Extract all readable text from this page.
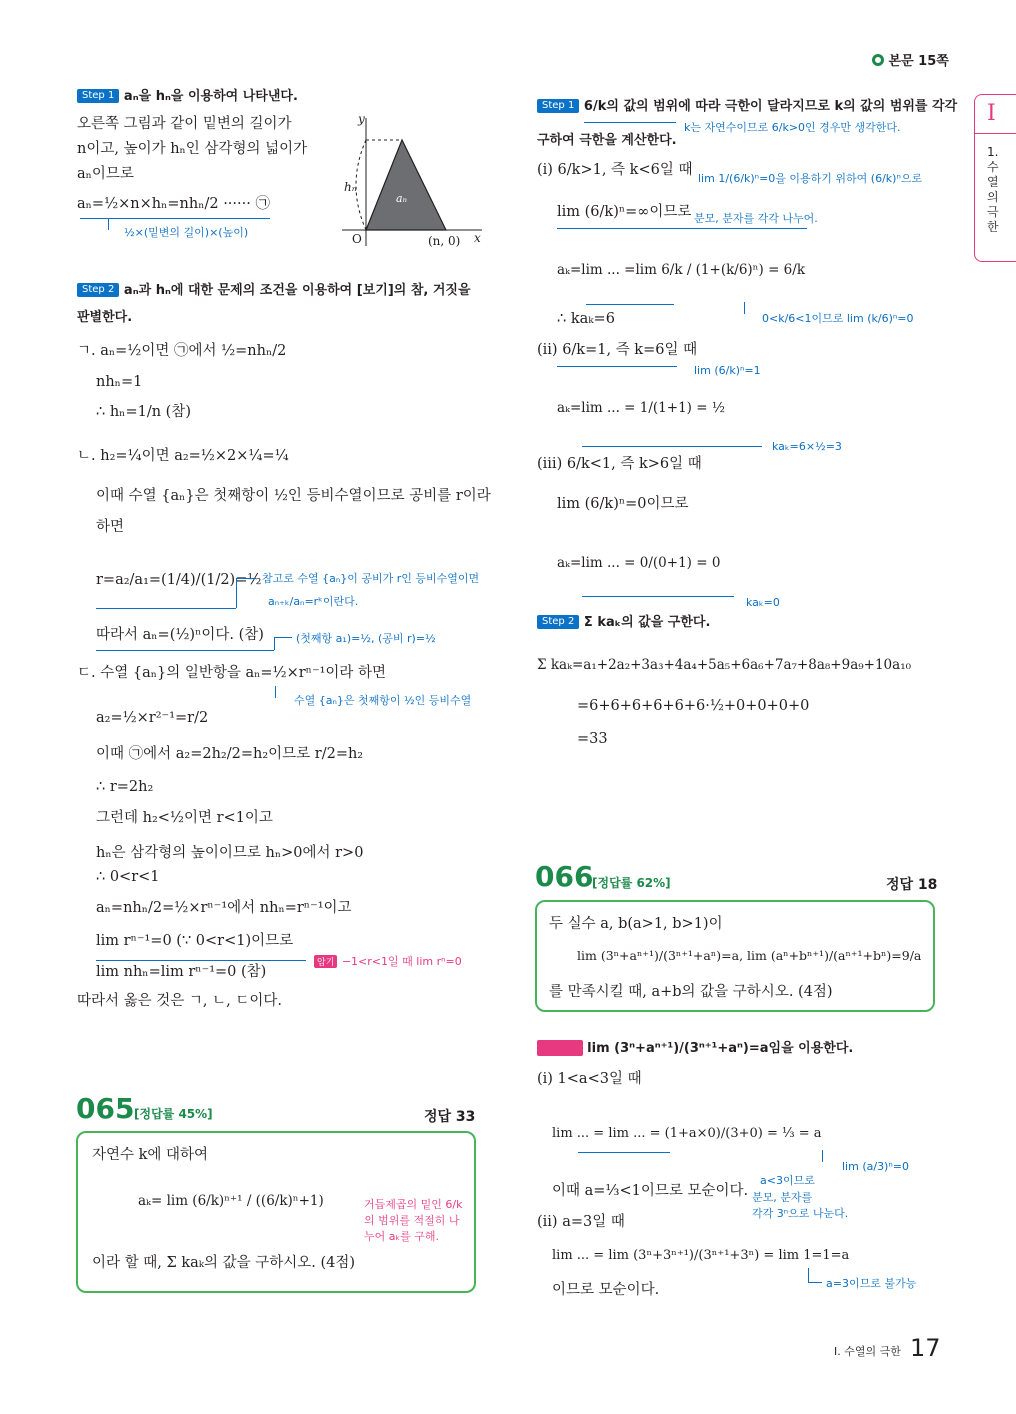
본문 15쪽
I
1. 수열의 극한
Step 1 aₙ을 hₙ을 이용하여 나타낸다.
오른쪽 그림과 같이 밑변의 길이가
n이고, 높이가 hₙ인 삼각형의 넓이가
aₙ이므로
aₙ=½×n×hₙ=nhₙ/2 ······ ㉠
½×(밑변의 길이)×(높이)
y
x
hₙ
aₙ
O	(n, 0)
Step 2 aₙ과 hₙ에 대한 문제의 조건을 이용하여 [보기]의 참, 거짓을
판별한다.
ㄱ. aₙ=½이면 ㉠에서 ½=nhₙ/2
nhₙ=1
∴ hₙ=1/n (참)
ㄴ. h₂=¼이면 a₂=½×2×¼=¼
이때 수열 {aₙ}은 첫째항이 ½인 등비수열이므로 공비를 r이라
하면
r=a₂/a₁=(1/4)/(1/2)=½ 참고로 수열 {aₙ}이 공비가 r인 등비수열이면
aₙ₊ₖ/aₙ=rᵏ이란다.
따라서 aₙ=(½)ⁿ이다. (참)	(첫째항 a₁)=½, (공비 r)=½
ㄷ. 수열 {aₙ}의 일반항을 aₙ=½×rⁿ⁻¹이라 하면
수열 {aₙ}은 첫째항이 ½인 등비수열
a₂=½×r²⁻¹=r/2
이때 ㉠에서 a₂=2h₂/2=h₂이므로 r/2=h₂
∴ r=2h₂
그런데 h₂<½이면 r<1이고
hₙ은 삼각형의 높이이므로 hₙ>0에서 r>0
∴ 0<r<1
aₙ=nhₙ/2=½×rⁿ⁻¹에서 nhₙ=rⁿ⁻¹이고
lim rⁿ⁻¹=0 (∵ 0<r<1)이므로
lim nhₙ=lim rⁿ⁻¹=0 (참)
암기 −1<r<1일 때 lim rⁿ=0
따라서 옳은 것은 ㄱ, ㄴ, ㄷ이다.
065 [정답률 45%]	정답 33
자연수 k에 대하여
aₖ= lim (6/k)ⁿ⁺¹ / ((6/k)ⁿ+1)
이라 할 때, Σ kaₖ의 값을 구하시오. (4점)
거듭제곱의 밑인 6/k의 범위를 적절히 나누어 aₖ를 구해.
Step 1 6/k의 값의 범위에 따라 극한이 달라지므로 k의 값의 범위를 각각
구하여 극한을 계산한다.
k는 자연수이므로 6/k>0인 경우만 생각한다.
(ⅰ) 6/k>1, 즉 k<6일 때
lim 1/(6/k)ⁿ=0을 이용하기 위하여 (6/k)ⁿ으로
lim (6/k)ⁿ=∞이므로 분모, 분자를 각각 나누어.
aₖ=lim ... =lim 6/k / (1+(k/6)ⁿ) = 6/k
0<k/6<1이므로 lim (k/6)ⁿ=0
∴ kaₖ=6
(ⅱ) 6/k=1, 즉 k=6일 때
lim (6/k)ⁿ=1
aₖ=lim ... = 1/(1+1) = ½
kaₖ=6×½=3
(ⅲ) 6/k<1, 즉 k>6일 때
lim (6/k)ⁿ=0이므로
aₖ=lim ... = 0/(0+1) = 0
kaₖ=0
Step 2 Σ kaₖ의 값을 구한다.
Σ kaₖ=a₁+2a₂+3a₃+4a₄+5a₅+6a₆+7a₇+8a₈+9a₉+10a₁₀
=6+6+6+6+6+6·½+0+0+0+0
=33
066
[정답률 62%]	정답 18
두 실수 a, b(a>1, b>1)이
lim (3ⁿ+aⁿ⁺¹)/(3ⁿ⁺¹+aⁿ)=a, lim (aⁿ+bⁿ⁺¹)/(aⁿ⁺¹+bⁿ)=9/a
를 만족시킬 때, a+b의 값을 구하시오. (4점)
Step 1 lim (3ⁿ+aⁿ⁺¹)/(3ⁿ⁺¹+aⁿ)=a임을 이용한다.
(ⅰ) 1<a<3일 때
lim ... = lim ... = (1+a×0)/(3+0) = ⅓ = a
lim (a/3)ⁿ=0
이때 a=⅓<1이므로 모순이다.
a<3이므로
분모, 분자를
각각 3ⁿ으로 나눈다.
(ⅱ) a=3일 때
lim ... = lim (3ⁿ+3ⁿ⁺¹)/(3ⁿ⁺¹+3ⁿ) = lim 1=1=a
a=3이므로 불가능
이므로 모순이다.
Ⅰ. 수열의 극한 17
